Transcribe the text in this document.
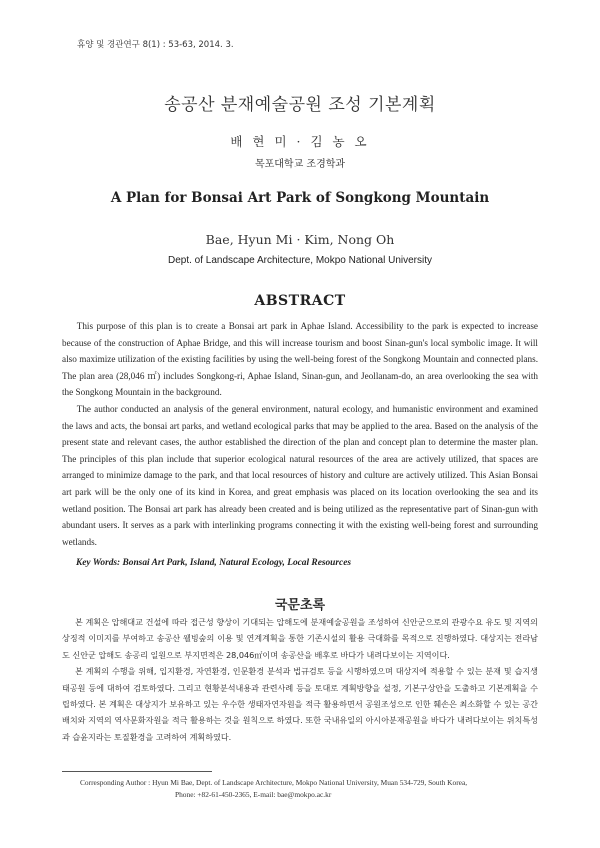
휴양 및 경관연구 8(1) : 53-63, 2014. 3.
송공산 분재예술공원 조성 기본계획
배 현 미 · 김 농 오
목포대학교 조경학과
A Plan for Bonsai Art Park of Songkong Mountain
Bae, Hyun Mi · Kim, Nong Oh
Dept. of Landscape Architecture, Mokpo National University
ABSTRACT

This purpose of this plan is to create a Bonsai art park in Aphae Island. Accessibility to the park is expected to increase because of the construction of Aphae Bridge, and this will increase tourism and boost Sinan-gun's local symbolic image. It will also maximize utilization of the existing facilities by using the well-being forest of the Songkong Mountain and connected plans. The plan area (28,046 ㎡) includes Songkong-ri, Aphae Island, Sinan-gun, and Jeollanam-do, an area overlooking the sea with the Songkong Mountain in the background.

The author conducted an analysis of the general environment, natural ecology, and humanistic environment and examined the laws and acts, the bonsai art parks, and wetland ecological parks that may be applied to the area. Based on the analysis of the present state and relevant cases, the author established the direction of the plan and concept plan to determine the master plan. The principles of this plan include that superior ecological natural resources of the area are actively utilized, that spaces are arranged to minimize damage to the park, and that local resources of history and culture are actively utilized. This Asian Bonsai art park will be the only one of its kind in Korea, and great emphasis was placed on its location overlooking the sea and its wetland position. The Bonsai art park has already been created and is being utilized as the representative part of Sinan-gun with abundant users. It serves as a park with interlinking programs connecting it with the existing well-being forest and surrounding wetlands.

Key Words: Bonsai Art Park, Island, Natural Ecology, Local Resources
국문초록

본 계획은 압해대교 건설에 따라 접근성 향상이 기대되는 압해도에 분재예술공원을 조성하여 신안군으로의 관광수요 유도 및 지역의 상징적 이미지를 부여하고 송공산 웰빙숲의 이용 및 연계계획을 통한 기존시설의 활용 극대화를 목적으로 진행하였다. 대상지는 전라남도 신안군 압해도 송공리 일원으로 부지면적은 28,046㎡이며 송공산을 배후로 바다가 내려다보이는 지역이다.

본 계획의 수행을 위해, 입지환경, 자연환경, 인문환경 분석과 법규검토 등을 시행하였으며 대상지에 적용할 수 있는 분재 및 습지생태공원 등에 대하여 검토하였다. 그리고 현황분석내용과 관련사례 등을 토대로 계획방향을 설정, 기본구상안을 도출하고 기본계획을 수립하였다. 본 계획은 대상지가 보유하고 있는 우수한 생태자연자원을 적극 활용하면서 공원조성으로 인한 훼손은 최소화할 수 있는 공간배치와 지역의 역사문화자원을 적극 활용하는 것을 원칙으로 하였다. 또한 국내유일의 아시아분재공원을 바다가 내려다보이는 위치특성과 습윤지라는 토질환경을 고려하여 계획하였다.

Corresponding Author : Hyun Mi Bae, Dept. of Landscape Architecture, Mokpo National University, Muan 534-729, South Korea,
Phone: +82-61-450-2365, E-mail: bae@mokpo.ac.kr
